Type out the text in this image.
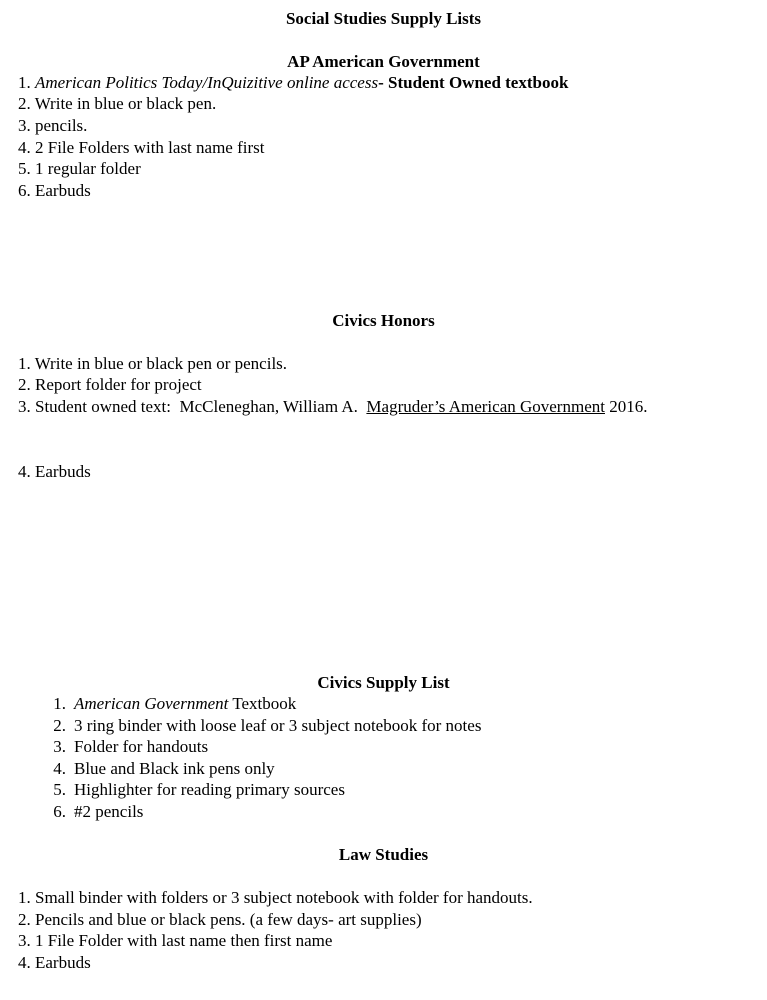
Social Studies Supply Lists
AP American Government
1. American Politics Today/InQuizitive online access- Student Owned textbook
2. Write in blue or black pen.
3. pencils.
4. 2 File Folders with last name first
5. 1 regular folder
6. Earbuds
Civics Honors
1. Write in blue or black pen or pencils.
2. Report folder for project
3. Student owned text:  McCleneghan, William A.  Magruder’s American Government 2016.
4. Earbuds
Civics Supply List
1. American Government Textbook
2. 3 ring binder with loose leaf or 3 subject notebook for notes
3. Folder for handouts
4. Blue and Black ink pens only
5. Highlighter for reading primary sources
6. #2 pencils
Law Studies
1. Small binder with folders or 3 subject notebook with folder for handouts.
2. Pencils and blue or black pens. (a few days- art supplies)
3. 1 File Folder with last name then first name
4. Earbuds
